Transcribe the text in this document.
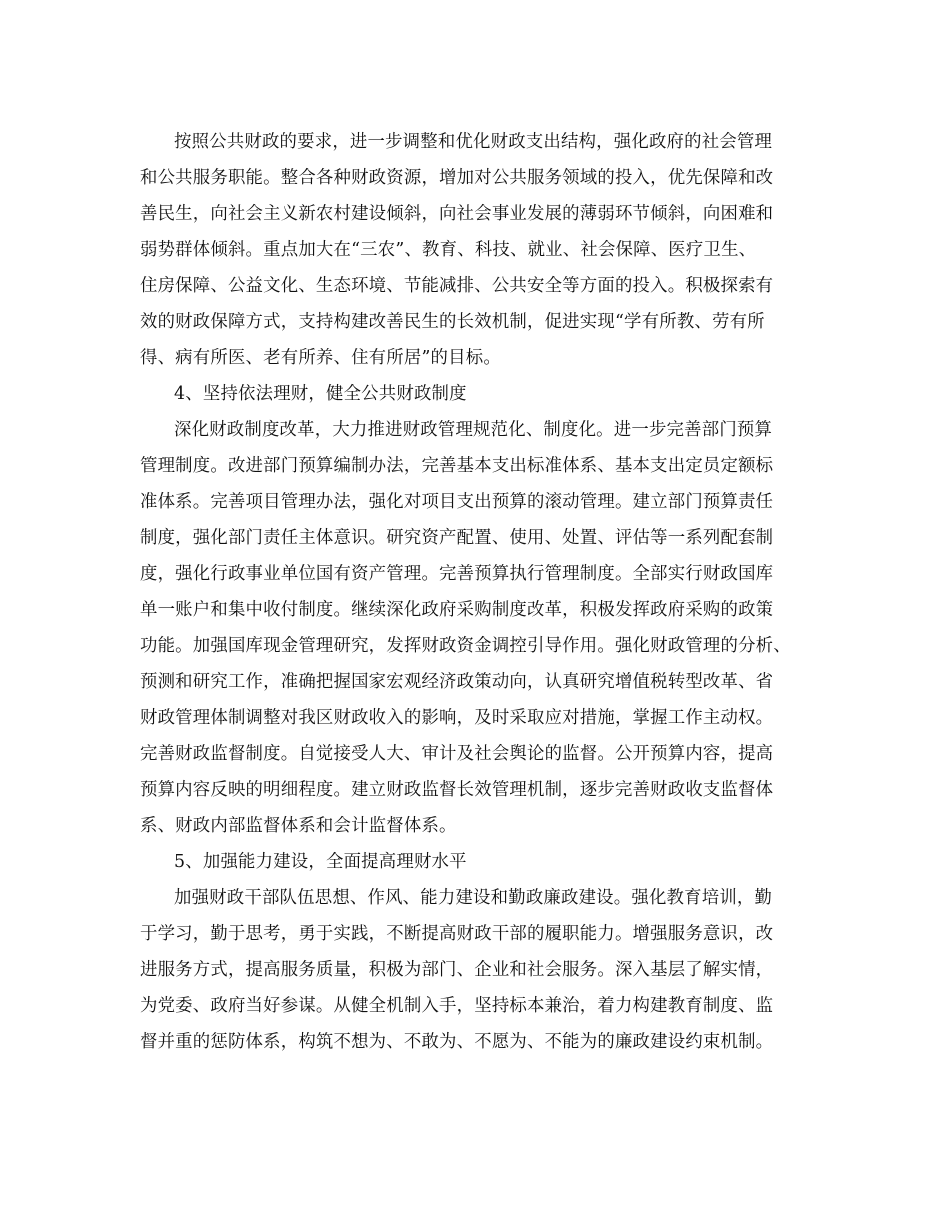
按照公共财政的要求，进一步调整和优化财政支出结构，强化政府的社会管理
和公共服务职能。整合各种财政资源，增加对公共服务领域的投入，优先保障和改
善民生，向社会主义新农村建设倾斜，向社会事业发展的薄弱环节倾斜，向困难和
弱势群体倾斜。重点加大在“三农”、教育、科技、就业、社会保障、医疗卫生、
住房保障、公益文化、生态环境、节能减排、公共安全等方面的投入。积极探索有
效的财政保障方式，支持构建改善民生的长效机制，促进实现“学有所教、劳有所
得、病有所医、老有所养、住有所居”的目标。
4、坚持依法理财，健全公共财政制度
深化财政制度改革，大力推进财政管理规范化、制度化。进一步完善部门预算
管理制度。改进部门预算编制办法，完善基本支出标准体系、基本支出定员定额标
准体系。完善项目管理办法，强化对项目支出预算的滚动管理。建立部门预算责任
制度，强化部门责任主体意识。研究资产配置、使用、处置、评估等一系列配套制
度，强化行政事业单位国有资产管理。完善预算执行管理制度。全部实行财政国库
单一账户和集中收付制度。继续深化政府采购制度改革，积极发挥政府采购的政策
功能。加强国库现金管理研究，发挥财政资金调控引导作用。强化财政管理的分析、
预测和研究工作，准确把握国家宏观经济政策动向，认真研究增值税转型改革、省
财政管理体制调整对我区财政收入的影响，及时采取应对措施，掌握工作主动权。
完善财政监督制度。自觉接受人大、审计及社会舆论的监督。公开预算内容，提高
预算内容反映的明细程度。建立财政监督长效管理机制，逐步完善财政收支监督体
系、财政内部监督体系和会计监督体系。
5、加强能力建设，全面提高理财水平
加强财政干部队伍思想、作风、能力建设和勤政廉政建设。强化教育培训，勤
于学习，勤于思考，勇于实践，不断提高财政干部的履职能力。增强服务意识，改
进服务方式，提高服务质量，积极为部门、企业和社会服务。深入基层了解实情，
为党委、政府当好参谋。从健全机制入手，坚持标本兼治，着力构建教育制度、监
督并重的惩防体系，构筑不想为、不敢为、不愿为、不能为的廉政建设约束机制。
